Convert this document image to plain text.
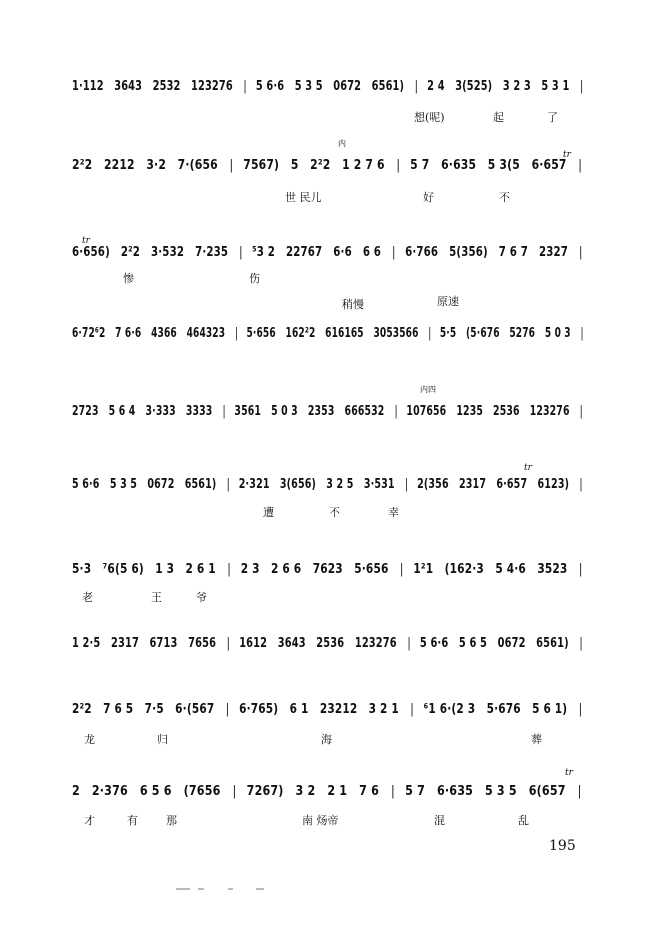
1·112 3643 2532 123276 | 5 6·6 5 3 5 0672 6561) | 2 4 3(525) 3 2 3 5 3 1 |
2²2 2212 3·2 7·(656 | 7567) 5 2²2 1 2 7 6 | 5 7 6·635 5 3(5 6·657 |
6·656) 2²2 3·532 7·235 | ⁵3 2 22767 6·6 6 6 | 6·766 5(356) 7 6 7 2327 |
6·72⁶2 7 6·6 4366 464323 | 5·656 162²2 616165 3053566 | 5·5 (5·676 5276 5 0 3 |
2723 5 6 4 3·333 3333 | 3561 5 0 3 2353 666532 | 107656 1235 2536 123276 |
5 6·6 5 3 5 0672 6561) | 2·321 3(656) 3 2 5 3·531 | 2(356 2317 6·657 6123) |
5·3 ⁷6(5 6) 1 3 2 6 1 | 2 3 2 6 6 7623 5·656 | 1²1 (162·3 5 4·6 3523 |
1 2·5 2317 6713 7656 | 1612 3643 2536 123276 | 5 6·6 5 6 5 0672 6561) |
2²2 7 6 5 7·5 6·(567 | 6·765) 6 1 23212 3 2 1 | ⁶1 6·(2 3 5·676 5 6 1) |
2 2·376 6 5 6 (7656 | 7267) 3 2 2 1 7 6 | 5 7 6·635 5 3 5 6(657 |
想(呢)	起	了
世 民儿	好	不
惨	伤
遭	不	幸
老	王	爷
龙	归	海	葬
才	有	那	南 炀帝	混	乱
稍慢	原速
内
内四
tr
tr
tr
tr
195
